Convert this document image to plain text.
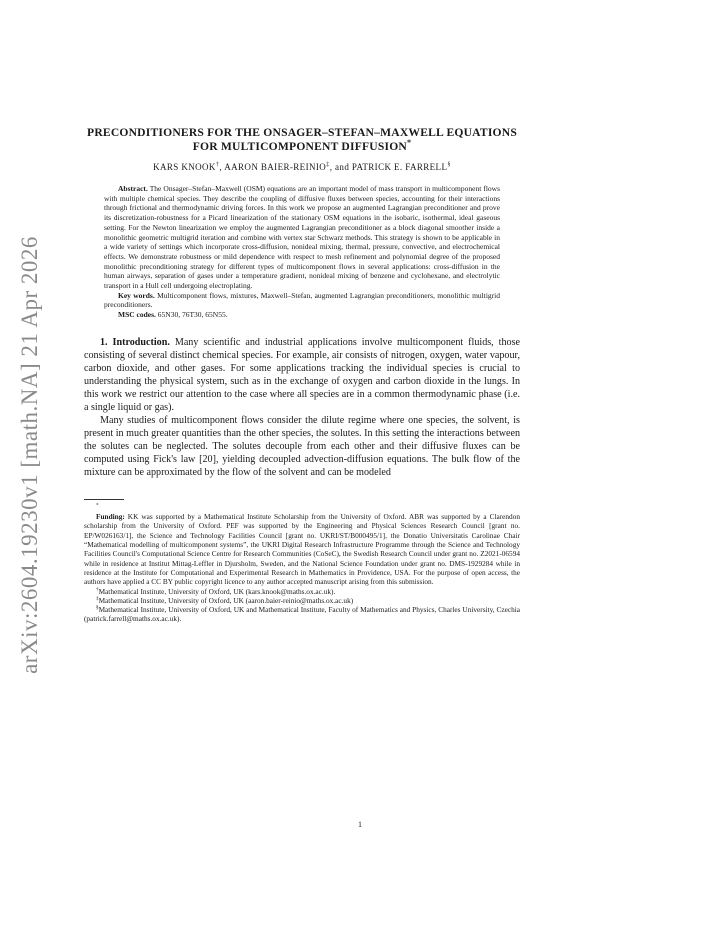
arXiv:2604.19230v1 [math.NA] 21 Apr 2026
PRECONDITIONERS FOR THE ONSAGER–STEFAN–MAXWELL EQUATIONS FOR MULTICOMPONENT DIFFUSION*
KARS KNOOK†, AARON BAIER-REINIO‡, and PATRICK E. FARRELL§

Abstract. The Onsager–Stefan–Maxwell (OSM) equations are an important model of mass transport in multicomponent flows with multiple chemical species. They describe the coupling of diffusive fluxes between species, accounting for their interactions through frictional and thermodynamic driving forces. In this work we propose an augmented Lagrangian preconditioner and prove its discretization-robustness for a Picard linearization of the stationary OSM equations in the isobaric, isothermal, ideal gaseous setting. For the Newton linearization we employ the augmented Lagrangian preconditioner as a block diagonal smoother inside a monolithic geometric multigrid iteration and combine with vertex star Schwarz methods. This strategy is shown to be applicable in a wide variety of settings which incorporate cross-diffusion, nonideal mixing, thermal, pressure, convective, and electrochemical effects. We demonstrate robustness or mild dependence with respect to mesh refinement and polynomial degree of the proposed monolithic preconditioning strategy for different types of multicomponent flows in several applications: cross-diffusion in the human airways, separation of gases under a temperature gradient, nonideal mixing of benzene and cyclohexane, and electrolytic transport in a Hull cell undergoing electroplating.

Key words. Multicomponent flows, mixtures, Maxwell–Stefan, augmented Lagrangian preconditioners, monolithic multigrid preconditioners.

MSC codes. 65N30, 76T30, 65N55.

1. Introduction. Many scientific and industrial applications involve multicomponent fluids, those consisting of several distinct chemical species. For example, air consists of nitrogen, oxygen, water vapour, carbon dioxide, and other gases. For some applications tracking the individual species is crucial to understanding the physical system, such as in the exchange of oxygen and carbon dioxide in the lungs. In this work we restrict our attention to the case where all species are in a common thermodynamic phase (i.e. a single liquid or gas).

Many studies of multicomponent flows consider the dilute regime where one species, the solvent, is present in much greater quantities than the other species, the solutes. In this setting the interactions between the solutes can be neglected. The solutes decouple from each other and their diffusive fluxes can be computed using Fick's law [20], yielding decoupled advection-diffusion equations. The bulk flow of the mixture can be approximated by the flow of the solvent and can be modeled

*

Funding: KK was supported by a Mathematical Institute Scholarship from the University of Oxford. ABR was supported by a Clarendon scholarship from the University of Oxford. PEF was supported by the Engineering and Physical Sciences Research Council [grant no. EP/W026163/1], the Science and Technology Facilities Council [grant no. UKRI/ST/B000495/1], the Donatio Universitatis Carolinae Chair “Mathematical modelling of multicomponent systems”, the UKRI Digital Research Infrastructure Programme through the Science and Technology Facilities Council's Computational Science Centre for Research Communities (CoSeC), the Swedish Research Council under grant no. Z2021-06594 while in residence at Institut Mittag-Leffler in Djursholm, Sweden, and the National Science Foundation under grant no. DMS-1929284 while in residence at the Institute for Computational and Experimental Research in Mathematics in Providence, USA. For the purpose of open access, the authors have applied a CC BY public copyright licence to any author accepted manuscript arising from this submission.

†Mathematical Institute, University of Oxford, UK (kars.knook@maths.ox.ac.uk).

‡Mathematical Institute, University of Oxford, UK (aaron.baier-reinio@maths.ox.ac.uk)

§Mathematical Institute, University of Oxford, UK and Mathematical Institute, Faculty of Mathematics and Physics, Charles University, Czechia (patrick.farrell@maths.ox.ac.uk).

1
